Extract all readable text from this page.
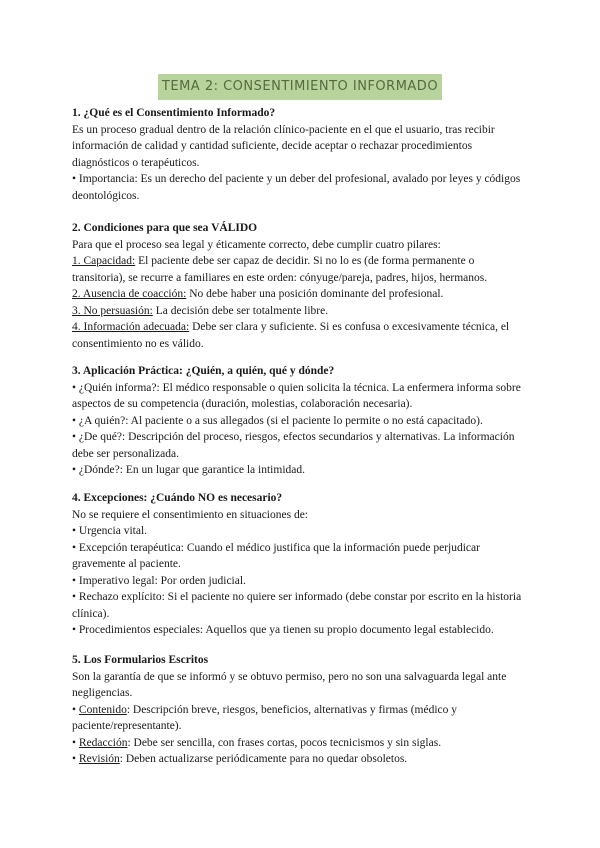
TEMA 2: CONSENTIMIENTO INFORMADO

1. ¿Qué es el Consentimiento Informado?

Es un proceso gradual dentro de la relación clínico-paciente en el que el usuario, tras recibir información de calidad y cantidad suficiente, decide aceptar o rechazar procedimientos diagnósticos o terapéuticos.

• Importancia: Es un derecho del paciente y un deber del profesional, avalado por leyes y códigos deontológicos.

2. Condiciones para que sea VÁLIDO

Para que el proceso sea legal y éticamente correcto, debe cumplir cuatro pilares:

1. Capacidad: El paciente debe ser capaz de decidir. Si no lo es (de forma permanente o transitoria), se recurre a familiares en este orden: cónyuge/pareja, padres, hijos, hermanos.

2. Ausencia de coacción: No debe haber una posición dominante del profesional.

3. No persuasión: La decisión debe ser totalmente libre.

4. Información adecuada: Debe ser clara y suficiente. Si es confusa o excesivamente técnica, el consentimiento no es válido.

3. Aplicación Práctica: ¿Quién, a quién, qué y dónde?

• ¿Quién informa?: El médico responsable o quien solicita la técnica. La enfermera informa sobre aspectos de su competencia (duración, molestias, colaboración necesaria).

• ¿A quién?: Al paciente o a sus allegados (si el paciente lo permite o no está capacitado).

• ¿De qué?: Descripción del proceso, riesgos, efectos secundarios y alternativas. La información debe ser personalizada.

• ¿Dónde?: En un lugar que garantice la intimidad.

4. Excepciones: ¿Cuándo NO es necesario?

No se requiere el consentimiento en situaciones de:

• Urgencia vital.

• Excepción terapéutica: Cuando el médico justifica que la información puede perjudicar gravemente al paciente.

• Imperativo legal: Por orden judicial.

• Rechazo explícito: Si el paciente no quiere ser informado (debe constar por escrito en la historia clínica).

• Procedimientos especiales: Aquellos que ya tienen su propio documento legal establecido.

5. Los Formularios Escritos

Son la garantía de que se informó y se obtuvo permiso, pero no son una salvaguarda legal ante negligencias.

• Contenido: Descripción breve, riesgos, beneficios, alternativas y firmas (médico y paciente/representante).

• Redacción: Debe ser sencilla, con frases cortas, pocos tecnicismos y sin siglas.

• Revisión: Deben actualizarse periódicamente para no quedar obsoletos.
